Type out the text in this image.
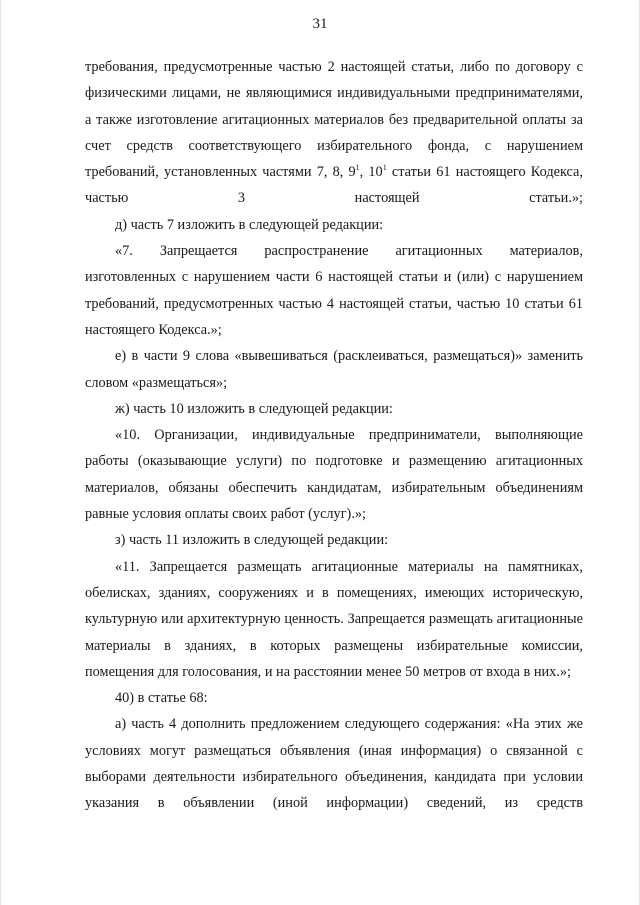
31

требования, предусмотренные частью 2 настоящей статьи, либо по договору с физическими лицами, не являющимися индивидуальными предпринимателями, а также изготовление агитационных материалов без предварительной оплаты за счет средств соответствующего избирательного фонда, с нарушением требований, установленных частями 7, 8, $9^1$, $10^1$ статьи 61 настоящего Кодекса, частью 3 настоящей статьи.»;

д) часть 7 изложить в следующей редакции:

«7. Запрещается распространение агитационных материалов, изготовленных с нарушением части 6 настоящей статьи и (или) с нарушением требований, предусмотренных частью 4 настоящей статьи, частью 10 статьи 61 настоящего Кодекса.»;

е) в части 9 слова «вывешиваться (расклеиваться, размещаться)» заменить словом «размещаться»;

ж) часть 10 изложить в следующей редакции:

«10. Организации, индивидуальные предприниматели, выполняющие работы (оказывающие услуги) по подготовке и размещению агитационных материалов, обязаны обеспечить кандидатам, избирательным объединениям равные условия оплаты своих работ (услуг).»;

з) часть 11 изложить в следующей редакции:

«11. Запрещается размещать агитационные материалы на памятниках, обелисках, зданиях, сооружениях и в помещениях, имеющих историческую, культурную или архитектурную ценность. Запрещается размещать агитационные материалы в зданиях, в которых размещены избирательные комиссии, помещения для голосования, и на расстоянии менее 50 метров от входа в них.»;

40) в статье 68:

а) часть 4 дополнить предложением следующего содержания: «На этих же условиях могут размещаться объявления (иная информация) о связанной с выборами деятельности избирательного объединения, кандидата при условии указания в объявлении (иной информации) сведений, из средств
